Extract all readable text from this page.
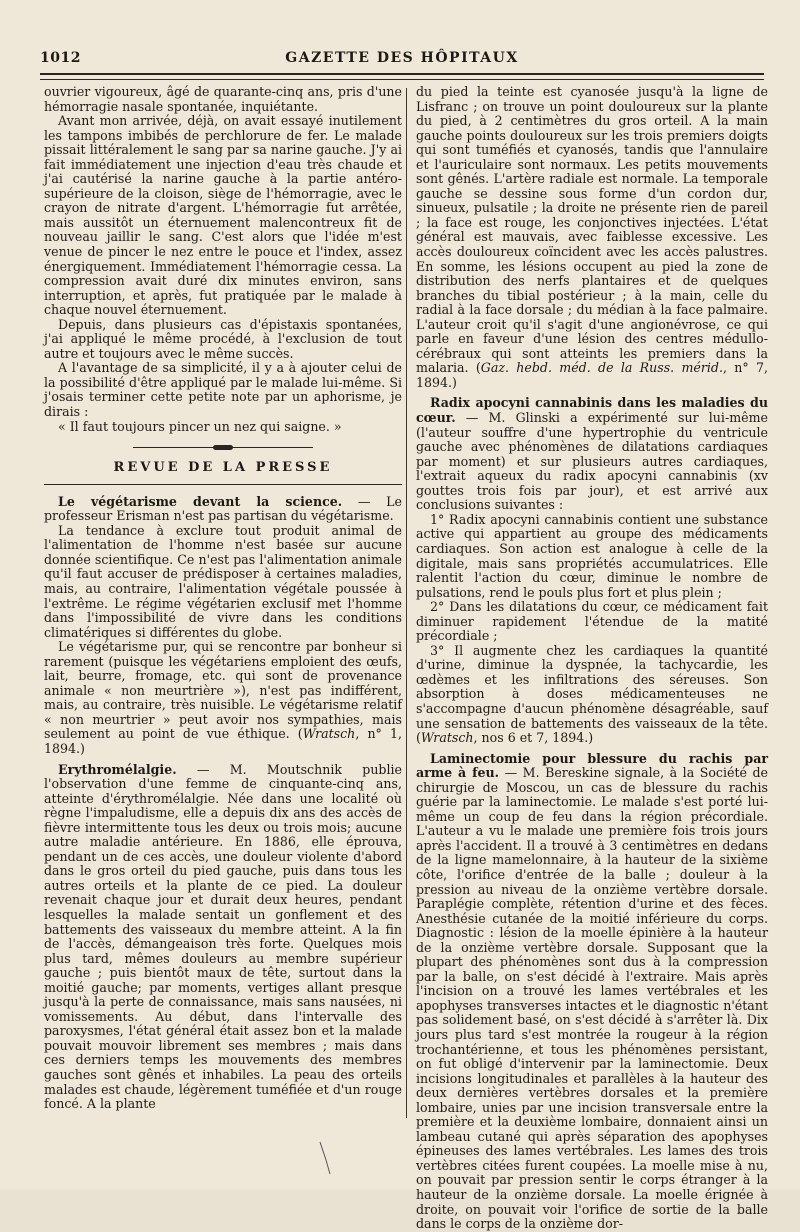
1012	GAZETTE DES HÔPITAUX

ouvrier vigoureux, âgé de quarante-cinq ans, pris d'une hémorragie nasale spontanée, inquiétante.

Avant mon arrivée, déjà, on avait essayé inutilement les tampons imbibés de perchlorure de fer. Le malade pissait littéralement le sang par sa narine gauche. J'y ai fait immédiatement une injection d'eau très chaude et j'ai cautérisé la narine gauche à la partie antéro-supérieure de la cloison, siège de l'hémorragie, avec le crayon de nitrate d'argent. L'hémorragie fut arrêtée, mais aussitôt un éternuement malencontreux fit de nouveau jaillir le sang. C'est alors que l'idée m'est venue de pincer le nez entre le pouce et l'index, assez énergiquement. Immédiatement l'hémorragie cessa. La compression avait duré dix minutes environ, sans interruption, et après, fut pratiquée par le malade à chaque nouvel éternuement.

Depuis, dans plusieurs cas d'épistaxis spontanées, j'ai appliqué le même procédé, à l'exclusion de tout autre et toujours avec le même succès.

A l'avantage de sa simplicité, il y a à ajouter celui de la possibilité d'être appliqué par le malade lui-même. Si j'osais terminer cette petite note par un aphorisme, je dirais :

« Il faut toujours pincer un nez qui saigne. »

REVUE DE LA PRESSE

Le végétarisme devant la science. — Le professeur Erisman n'est pas partisan du végétarisme.

La tendance à exclure tout produit animal de l'alimentation de l'homme n'est basée sur aucune donnée scientifique. Ce n'est pas l'alimentation animale qu'il faut accuser de prédisposer à certaines maladies, mais, au contraire, l'alimentation végétale poussée à l'extrême. Le régime végétarien exclusif met l'homme dans l'impossibilité de vivre dans les conditions climatériques si différentes du globe.

Le végétarisme pur, qui se rencontre par bonheur si rarement (puisque les végétariens emploient des œufs, lait, beurre, fromage, etc. qui sont de provenance animale « non meurtrière »), n'est pas indifférent, mais, au contraire, très nuisible. Le végétarisme relatif « non meurtrier » peut avoir nos sympathies, mais seulement au point de vue éthique. (Wratsch, n° 1, 1894.)

Erythromélalgie. — M. Moutschnik publie l'observation d'une femme de cinquante-cinq ans, atteinte d'érythromélalgie. Née dans une localité où règne l'impaludisme, elle a depuis dix ans des accès de fièvre intermittente tous les deux ou trois mois; aucune autre maladie antérieure. En 1886, elle éprouva, pendant un de ces accès, une douleur violente d'abord dans le gros orteil du pied gauche, puis dans tous les autres orteils et la plante de ce pied. La douleur revenait chaque jour et durait deux heures, pendant lesquelles la malade sentait un gonflement et des battements des vaisseaux du membre atteint. A la fin de l'accès, démangeaison très forte. Quelques mois plus tard, mêmes douleurs au membre supérieur gauche ; puis bientôt maux de tête, surtout dans la moitié gauche; par moments, vertiges allant presque jusqu'à la perte de connaissance, mais sans nausées, ni vomissements. Au début, dans l'intervalle des paroxysmes, l'état général était assez bon et la malade pouvait mouvoir librement ses membres ; mais dans ces derniers temps les mouvements des membres gauches sont gênés et inhabiles. La peau des orteils malades est chaude, légèrement tuméfiée et d'un rouge foncé. A la plante

du pied la teinte est cyanosée jusqu'à la ligne de Lisfranc ; on trouve un point douloureux sur la plante du pied, à 2 centimètres du gros orteil. A la main gauche points douloureux sur les trois premiers doigts qui sont tuméfiés et cyanosés, tandis que l'annulaire et l'auriculaire sont normaux. Les petits mouvements sont gênés. L'artère radiale est normale. La temporale gauche se dessine sous forme d'un cordon dur, sinueux, pulsatile ; la droite ne présente rien de pareil ; la face est rouge, les conjonctives injectées. L'état général est mauvais, avec faiblesse excessive. Les accès douloureux coïncident avec les accès palustres. En somme, les lésions occupent au pied la zone de distribution des nerfs plantaires et de quelques branches du tibial postérieur ; à la main, celle du radial à la face dorsale ; du médian à la face palmaire. L'auteur croit qu'il s'agit d'une angionévrose, ce qui parle en faveur d'une lésion des centres médullo-cérébraux qui sont atteints les premiers dans la malaria. (Gaz. hebd. méd. de la Russ. mérid., n° 7, 1894.)

Radix apocyni cannabinis dans les maladies du cœur. — M. Glinski a expérimenté sur lui-même (l'auteur souffre d'une hypertrophie du ventricule gauche avec phénomènes de dilatations cardiaques par moment) et sur plusieurs autres cardiaques, l'extrait aqueux du radix apocyni cannabinis (xv gouttes trois fois par jour), et est arrivé aux conclusions suivantes :

1° Radix apocyni cannabinis contient une substance active qui appartient au groupe des médicaments cardiaques. Son action est analogue à celle de la digitale, mais sans propriétés accumulatrices. Elle ralentit l'action du cœur, diminue le nombre de pulsations, rend le pouls plus fort et plus plein ;

2° Dans les dilatations du cœur, ce médicament fait diminuer rapidement l'étendue de la matité précordiale ;

3° Il augmente chez les cardiaques la quantité d'urine, diminue la dyspnée, la tachycardie, les œdèmes et les infiltrations des séreuses. Son absorption à doses médicamenteuses ne s'accompagne d'aucun phénomène désagréable, sauf une sensation de battements des vaisseaux de la tête. (Wratsch, nos 6 et 7, 1894.)

Laminectomie pour blessure du rachis par arme à feu. — M. Bereskine signale, à la Société de chirurgie de Moscou, un cas de blessure du rachis guérie par la laminectomie. Le malade s'est porté lui-même un coup de feu dans la région précordiale. L'auteur a vu le malade une première fois trois jours après l'accident. Il a trouvé à 3 centimètres en dedans de la ligne mamelonnaire, à la hauteur de la sixième côte, l'orifice d'entrée de la balle ; douleur à la pression au niveau de la onzième vertèbre dorsale. Paraplégie complète, rétention d'urine et des fèces. Anesthésie cutanée de la moitié inférieure du corps. Diagnostic : lésion de la moelle épinière à la hauteur de la onzième vertèbre dorsale. Supposant que la plupart des phénomènes sont dus à la compression par la balle, on s'est décidé à l'extraire. Mais après l'incision on a trouvé les lames vertébrales et les apophyses transverses intactes et le diagnostic n'étant pas solidement basé, on s'est décidé à s'arrêter là. Dix jours plus tard s'est montrée la rougeur à la région trochantérienne, et tous les phénomènes persistant, on fut obligé d'intervenir par la laminectomie. Deux incisions longitudinales et parallèles à la hauteur des deux dernières vertèbres dorsales et la première lombaire, unies par une incision transversale entre la première et la deuxième lombaire, donnaient ainsi un lambeau cutané qui après séparation des apophyses épineuses des lames vertébrales. Les lames des trois vertèbres citées furent coupées. La moelle mise à nu, on pouvait par pression sentir le corps étranger à la hauteur de la onzième dorsale. La moelle érignée à droite, on pouvait voir l'orifice de sortie de la balle dans le corps de la onzième dor-
